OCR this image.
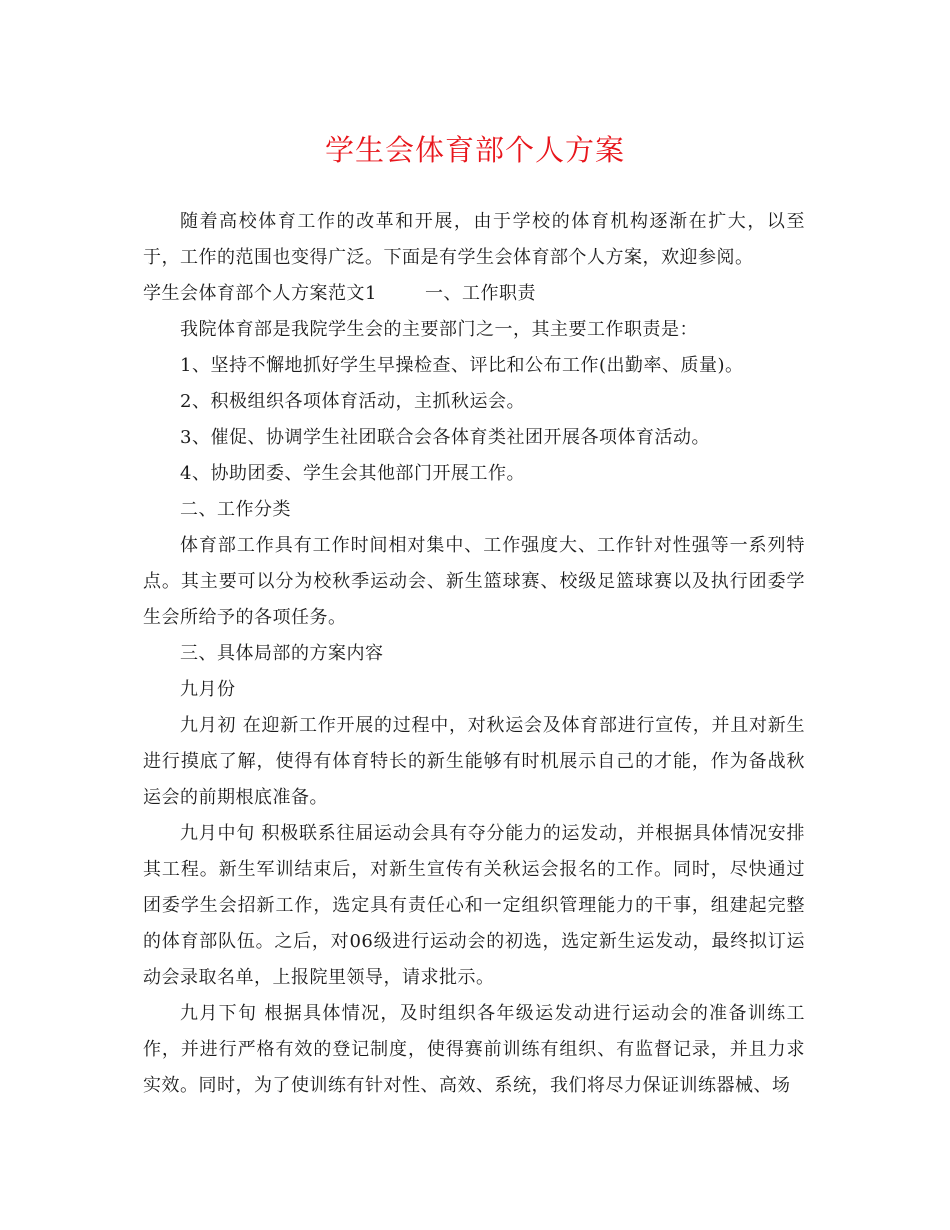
学生会体育部个人方案

随着高校体育工作的改革和开展，由于学校的体育机构逐渐在扩大，以至于，工作的范围也变得广泛。下面是有学生会体育部个人方案，欢迎参阅。

学生会体育部个人方案范文1	一、工作职责

我院体育部是我院学生会的主要部门之一，其主要工作职责是：

1、坚持不懈地抓好学生早操检查、评比和公布工作(出勤率、质量)。

2、积极组织各项体育活动，主抓秋运会。

3、催促、协调学生社团联合会各体育类社团开展各项体育活动。

4、协助团委、学生会其他部门开展工作。

二、工作分类

体育部工作具有工作时间相对集中、工作强度大、工作针对性强等一系列特点。其主要可以分为校秋季运动会、新生篮球赛、校级足篮球赛以及执行团委学生会所给予的各项任务。

三、具体局部的方案内容

九月份

九月初 在迎新工作开展的过程中，对秋运会及体育部进行宣传，并且对新生进行摸底了解，使得有体育特长的新生能够有时机展示自己的才能，作为备战秋运会的前期根底准备。

九月中旬 积极联系往届运动会具有夺分能力的运发动，并根据具体情况安排其工程。新生军训结束后，对新生宣传有关秋运会报名的工作。同时，尽快通过团委学生会招新工作，选定具有责任心和一定组织管理能力的干事，组建起完整的体育部队伍。之后，对06级进行运动会的初选，选定新生运发动，最终拟订运动会录取名单，上报院里领导，请求批示。

九月下旬 根据具体情况，及时组织各年级运发动进行运动会的准备训练工作，并进行严格有效的登记制度，使得赛前训练有组织、有监督记录，并且力求实效。同时，为了使训练有针对性、高效、系统，我们将尽力保证训练器械、场
